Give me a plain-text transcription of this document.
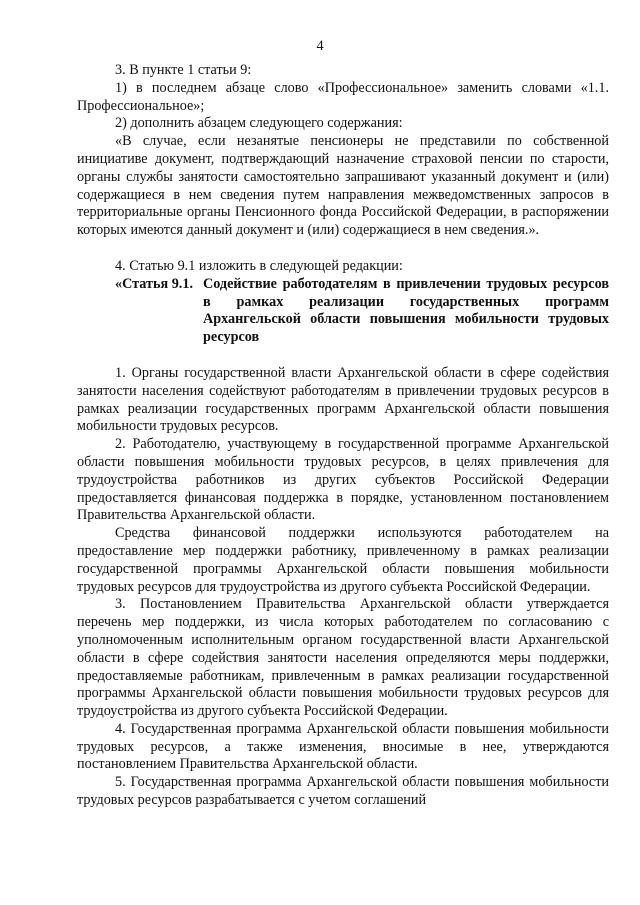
4

3. В пункте 1 статьи 9:

1) в последнем абзаце слово «Профессиональное» заменить словами «1.1. Профессиональное»;

2) дополнить абзацем следующего содержания:

«В случае, если незанятые пенсионеры не представили по собственной инициативе документ, подтверждающий назначение страховой пенсии по старости, органы службы занятости самостоятельно запрашивают указанный документ и (или) содержащиеся в нем сведения путем направления межведомственных запросов в территориальные органы Пенсионного фонда Российской Федерации, в распоряжении которых имеются данный документ и (или) содержащиеся в нем сведения.».

4. Статью 9.1 изложить в следующей редакции:

«Статья 9.1. Содействие работодателям в привлечении трудовых ресурсов в рамках реализации государственных программ Архангельской области повышения мобильности трудовых ресурсов

1. Органы государственной власти Архангельской области в сфере содействия занятости населения содействуют работодателям в привлечении трудовых ресурсов в рамках реализации государственных программ Архангельской области повышения мобильности трудовых ресурсов.

2. Работодателю, участвующему в государственной программе Архангельской области повышения мобильности трудовых ресурсов, в целях привлечения для трудоустройства работников из других субъектов Российской Федерации предоставляется финансовая поддержка в порядке, установленном постановлением Правительства Архангельской области.

Средства финансовой поддержки используются работодателем на предоставление мер поддержки работнику, привлеченному в рамках реализации государственной программы Архангельской области повышения мобильности трудовых ресурсов для трудоустройства из другого субъекта Российской Федерации.

3. Постановлением Правительства Архангельской области утверждается перечень мер поддержки, из числа которых работодателем по согласованию с уполномоченным исполнительным органом государственной власти Архангельской области в сфере содействия занятости населения определяются меры поддержки, предоставляемые работникам, привлеченным в рамках реализации государственной программы Архангельской области повышения мобильности трудовых ресурсов для трудоустройства из другого субъекта Российской Федерации.

4. Государственная программа Архангельской области повышения мобильности трудовых ресурсов, а также изменения, вносимые в нее, утверждаются постановлением Правительства Архангельской области.

5. Государственная программа Архангельской области повышения мобильности трудовых ресурсов разрабатывается с учетом соглашений
